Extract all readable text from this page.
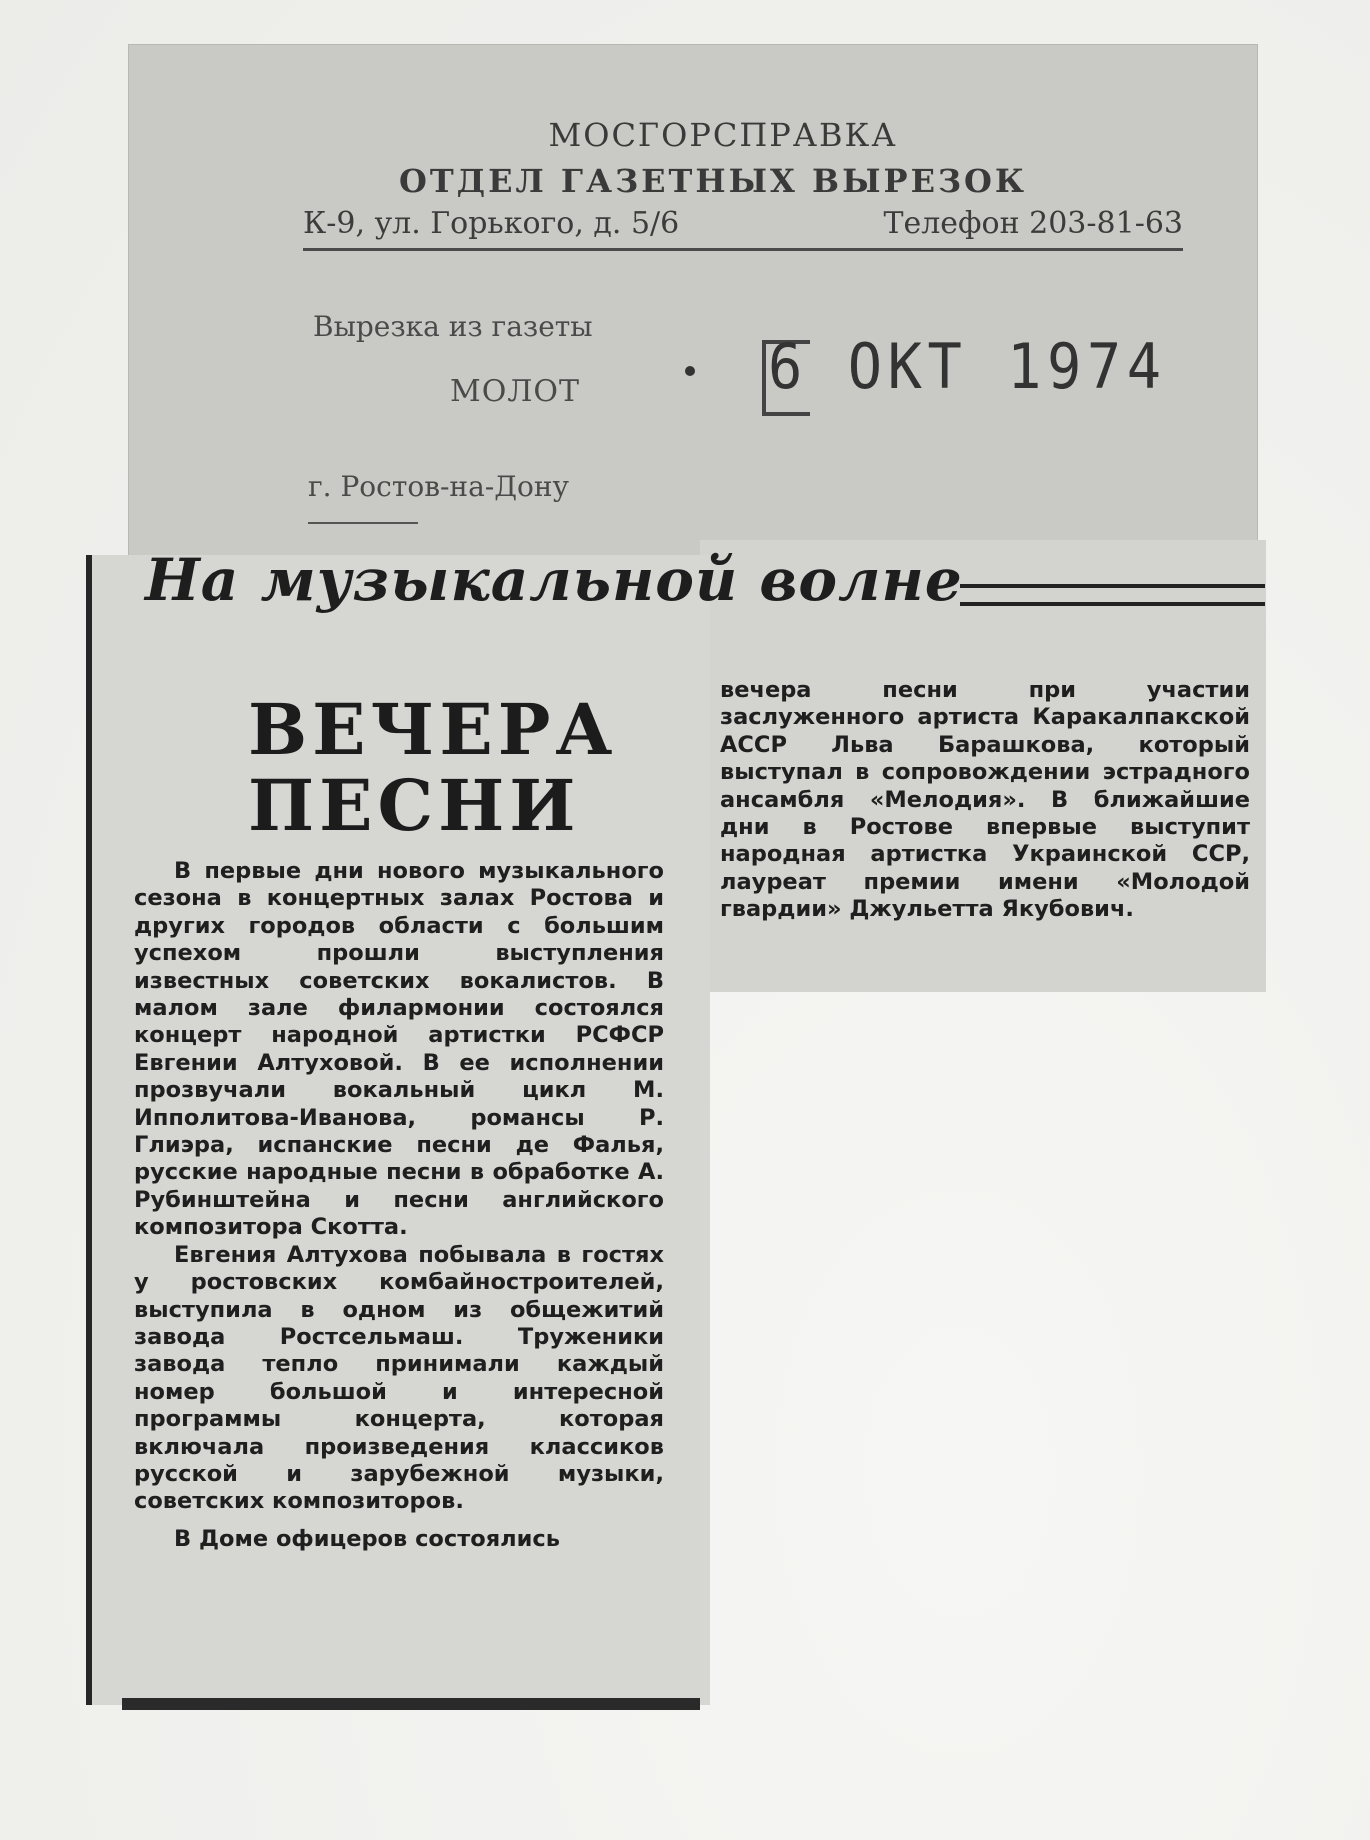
МОСГОРСПРАВКА
ОТДЕЛ ГАЗЕТНЫХ ВЫРЕЗОК
К-9, ул. Горького, д. 5/6	Телефон 203-81-63
Вырезка из газеты
МОЛОТ
г. Ростов-на-Дону
6 ОКТ 1974
На музыкальной волне
ВЕЧЕРА
ПЕСНИ

В первые дни нового музыкального сезона в концертных залах Ростова и других городов области с большим успехом прошли выступления известных советских вокалистов. В малом зале филармонии состоялся концерт народной артистки РСФСР Евгении Алтуховой. В ее исполнении прозвучали вокальный цикл М. Ипполитова-Иванова, романсы Р. Глиэра, испанские песни де Фалья, русские народные песни в обработке А. Рубинштейна и песни английского композитора Скотта.

Евгения Алтухова побывала в гостях у ростовских комбайностроителей, выступила в одном из общежитий завода Ростсельмаш. Труженики завода тепло принимали каждый номер большой и интересной программы концерта, которая включала произведения классиков русской и зарубежной музыки, советских композиторов.

В Доме офицеров состоялись

вечера песни при участии заслуженного артиста Каракалпакской АССР Льва Барашкова, который выступал в сопровождении эстрадного ансамбля «Мелодия». В ближайшие дни в Ростове впервые выступит народная артистка Украинской ССР, лауреат премии имени «Молодой гвардии» Джульетта Якубович.
